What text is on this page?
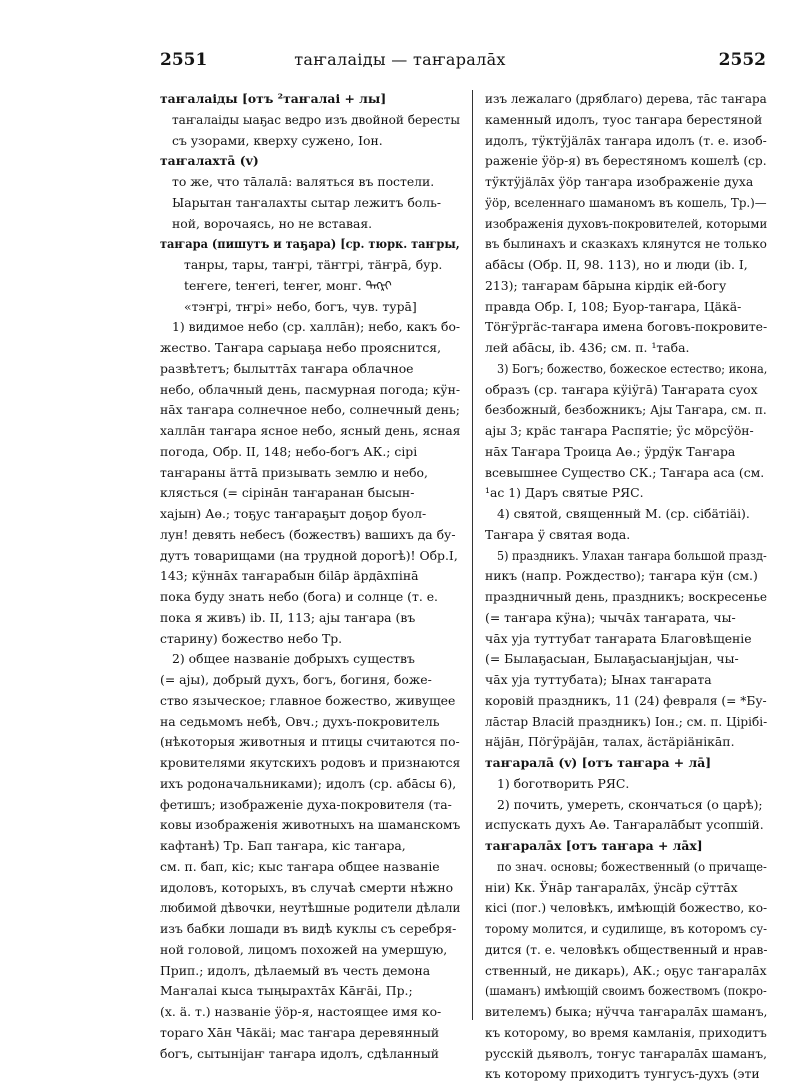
2551	таҥалаіды — таҥаралāх	2552
таҥалаіды [отъ ²таҥалаі + лы]
таҥалаіды ыаҕас ведро изъ двойной бересты
съ узорами, кверху сужено, Іон.
таҥалахтā (v)
то же, что тāлалā: валяться въ постели.
Ыарытан таҥалахты сытар лежитъ боль-
ной, ворочаясь, но не вставая.
таҥара (пишутъ и таҕара) [ср. тюрк. таҥры,
танры, тары, таҥрі, тäҥгрі, тäҥрā, бур.
teҥere, teҥeri, teҥer, монг. ᠲᠩᠷᠢ
«тэҥрі, тҥрі» небо, богъ, чув. турā]
1) видимое небо (ср. халлāн); небо, какъ бо-
жество. Таҥара сарыаҕа небо прояснится,
развѣтетъ; былыттāх таҥара облачное
небо, облачный день, пасмурная погода; кӱн-
нāх таҥара солнечное небо, солнечный день;
халлāн таҥара ясное небо, ясный день, ясная
погода, Обр. II, 148; небо-богъ АК.; сірі
таҥараны äттā призывать землю и небо,
клясться (= сірінāн таҥаранан бысын-
хајын) Аө.; тоҕус таҥараҕыт доҕор буол-
лун! девять небесъ (божествъ) вашихъ да бу-
дутъ товарищами (на трудной дорогѣ)! Обр.І,
143; кӱннāх таҥарабын біlāр äрдāхпінā
пока буду знать небо (бога) и солнце (т. е.
пока я живъ) ib. II, 113; ајы таҥара (въ
старину) божество небо Тр.
2) общее названіе добрыхъ существъ
(= ајы), добрый духъ, богъ, богиня, боже-
ство языческое; главное божество, живущее
на седьмомъ небѣ, Овч.; духъ-покровитель
(нѣкоторыя животныя и птицы считаются по-
кровителями якутскихъ родовъ и признаются
ихъ родоначальниками); идолъ (ср. абāсы 6),
фетишъ; изображеніе духа-покровителя (та-
ковы изображенія животныхъ на шаманскомъ
кафтанѣ) Тр. Бап таҥара, кіс таҥара,
см. п. бап, кіс; кыс таҥара общее названіе
идоловъ, которыхъ, въ случаѣ смерти нѣжно
любимой дѣвочки, неутѣшные родители дѣлали
изъ бабки лошади въ видѣ куклы съ серебря-
ной головой, лицомъ похожей на умершую,
Прип.; идолъ, дѣлаемый въ честь демона
Маҥалаі кыса тыңырахтāх Кāҥāі, Пр.;
(х. ä. т.) названіе ӱöр-я, настоящее имя ко-
тораго Хāн Чāкäі; мас таҥара деревянный
богъ, сытыніjаҥ таҥара идолъ, сдѣланный
изъ лежалаго (дряблаго) дерева, тāс таҥара
каменный идолъ, туос таҥара берестяной
идолъ, тӱктӱjäлāх таҥара идолъ (т. е. изоб-
раженіе ӱöр-я) въ берестяномъ кошелѣ (ср.
тӱктӱjäлāх ӱöр таҥара изображеніе духа
ӱöр, вселеннаго шаманомъ въ кошель, Тр.)—
изображенія духовъ-покровителей, которыми
въ былинахъ и сказкахъ клянутся не только
абāсы (Обр. II, 98. 113), но и люди (ib. I,
213); таҥарам бāрына кірдік ей-богу
правда Обр. I, 108; Буор-таҥара, Цäкä-
Тöҥӱргäс-таҥара имена боговъ-покровите-
лей абāсы, ib. 436; см. п. ¹таба.
3) Богъ; божество, божеское естество; икона,
образъ (ср. таҥара кӱіӱгā) Таҥарата суох
безбожный, безбожникъ; Ајы Таҥара, см. п.
ајы 3; крäс таҥара Распятіе; ӱс мöрсӱöн-
нāх Таҥара Троица Аө.; ӱрдӱк Таҥара
всевышнее Существо СК.; Таҥара аса (см.
¹ас 1) Даръ святые РЯС.
4) святой, священный М. (ср. сібäтiäі).
Таҥара ӱ святая вода.
5) праздникъ. Улахан таҥара большой празд-
никъ (напр. Рождество); таҥара кӱн (см.)
праздничный день, праздникъ; воскресенье
(= таҥара кӱна); чычāх таҥарата, чы-
чāх уја туттубат таҥарата Благовѣщеніе
(= Былаҕасыан, Былаҕасыанјыјан, чы-
чāх уја туттубата); Ынах таҥарата
коровій праздникъ, 11 (24) февраля (= *Бу-
лāстар Власій праздникъ) Іон.; см. п. Цірібі-
нäјāн, Пöгӱрäјāн, талах, äстäріäнікāп.
таҥаралā (v) [отъ таҥара + лā]
1) боготворить РЯС.
2) почить, умереть, скончаться (о царѣ);
испускать духъ Аө. Таҥаралāбыт усопшій.
таҥаралāх [отъ таҥара + лāх]
по знач. основы; божественный (о причаще-
ніи) Кк. Ӱнāр таҥаралāх, ӱнсäр сӱттāх
кісі (пог.) человѣкъ, имѣющій божество, ко-
торому молится, и судилище, въ которомъ су-
дится (т. е. человѣкъ общественный и нрав-
ственный, не дикарь), АК.; оҕус таҥаралāх
(шаманъ) имѣющій своимъ божествомъ (покро-
вителемъ) быка; нӱчча таҥаралāх шаманъ,
къ которому, во время камланія, приходитъ
русскій дьяволъ, тоҥус таҥаралāх шаманъ,
къ которому приходитъ тунгусъ-духъ (эти
